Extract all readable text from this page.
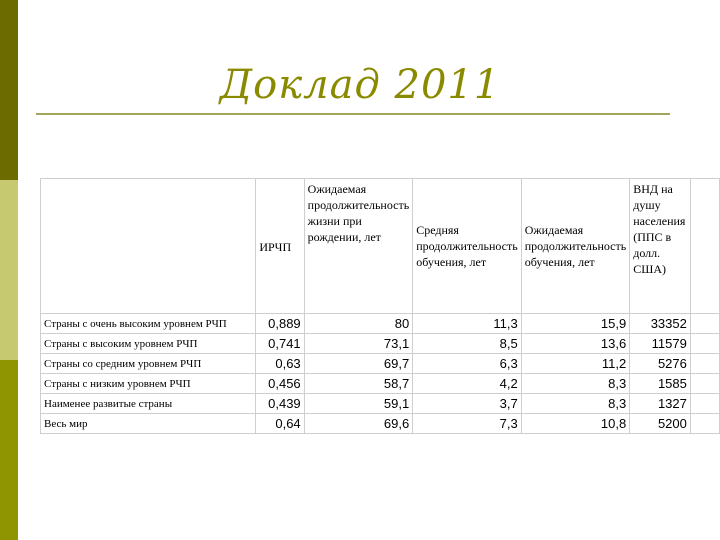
Доклад 2011

	ИРЧП	Ожидаемая продолжительность жизни при рождении, лет	Средняя продолжительность обучения, лет	Ожидаемая продолжительность обучения, лет	ВНД на душу населения (ППС в долл. США)	

Страны с очень высоким уровнем РЧП	0,889	80	11,3	15,9	33352	
Страны с высоким уровнем РЧП	0,741	73,1	8,5	13,6	11579	
Страны со средним уровнем РЧП	0,63	69,7	6,3	11,2	5276	
Страны с низким уровнем РЧП	0,456	58,7	4,2	8,3	1585	
Наименее развитые страны	0,439	59,1	3,7	8,3	1327	
Весь мир	0,64	69,6	7,3	10,8	5200	
